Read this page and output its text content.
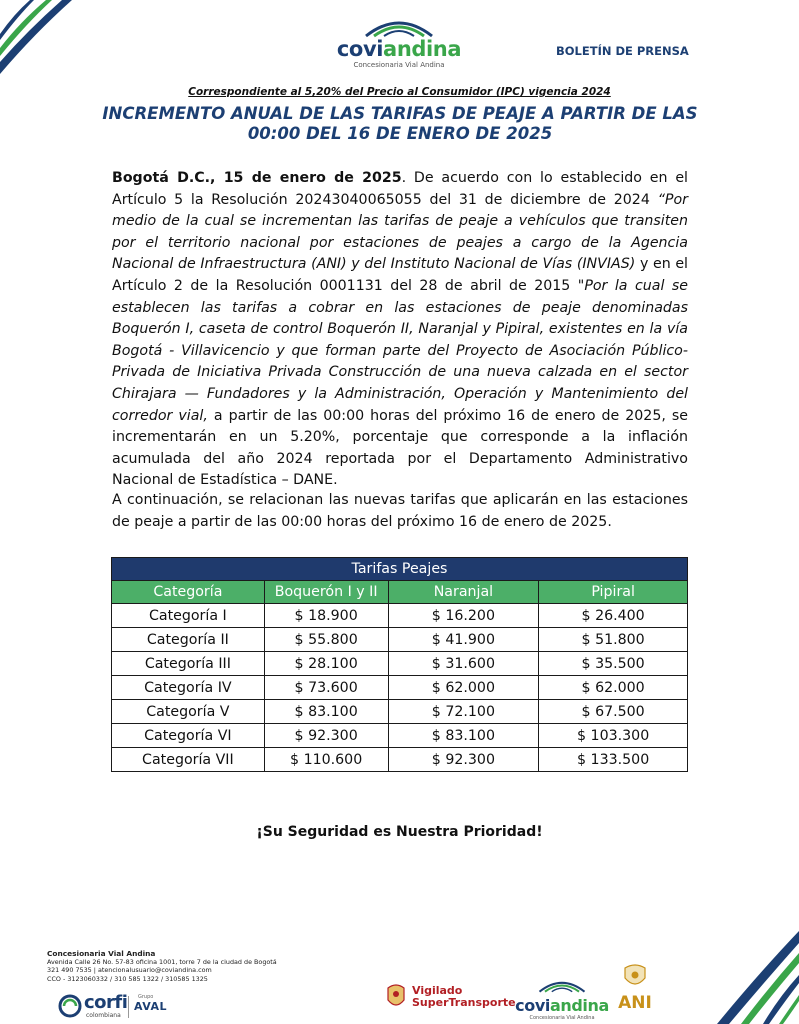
coviandina
Concesionaria Vial Andina
BOLETÍN DE PRENSA
Correspondiente al 5,20% del Precio al Consumidor (IPC) vigencia 2024
INCREMENTO ANUAL DE LAS TARIFAS DE PEAJE A PARTIR DE LAS
00:00 DEL 16 DE ENERO DE 2025
Bogotá D.C., 15 de enero de 2025. De acuerdo con lo establecido en el Artículo 5 la Resolución 20243040065055 del 31 de diciembre de 2024 “Por medio de la cual se incrementan las tarifas de peaje a vehículos que transiten por el territorio nacional por estaciones de peajes a cargo de la Agencia Nacional de Infraestructura (ANI) y del Instituto Nacional de Vías (INVIAS) y en el Artículo 2 de la Resolución 0001131 del 28 de abril de 2015 "Por la cual se establecen las tarifas a cobrar en las estaciones de peaje denominadas Boquerón I, caseta de control Boquerón II, Naranjal y Pipiral, existentes en la vía Bogotá - Villavicencio y que forman parte del Proyecto de Asociación Público-Privada de Iniciativa Privada Construcción de una nueva calzada en el sector Chirajara — Fundadores y la Administración, Operación y Mantenimiento del corredor vial, a partir de las 00:00 horas del próximo 16 de enero de 2025, se incrementarán en un 5.20%, porcentaje que corresponde a la inflación acumulada del año 2024 reportada por el Departamento Administrativo Nacional de Estadística – DANE.
A continuación, se relacionan las nuevas tarifas que aplicarán en las estaciones de peaje a partir de las 00:00 horas del próximo 16 de enero de 2025.
Tarifas Peajes			
Categoría	Boquerón I y II	Naranjal	Pipiral
Categoría I	$ 18.900	$ 16.200	$ 26.400
Categoría II	$ 55.800	$ 41.900	$ 51.800
Categoría III	$ 28.100	$ 31.600	$ 35.500
Categoría IV	$ 73.600	$ 62.000	$ 62.000
Categoría V	$ 83.100	$ 72.100	$ 67.500
Categoría VI	$ 92.300	$ 83.100	$ 103.300
Categoría VII	$ 110.600	$ 92.300	$ 133.500
¡Su Seguridad es Nuestra Prioridad!
Concesionaria Vial Andina
Avenida Calle 26 No. 57-83 oficina 1001, torre 7 de la ciudad de Bogotá
321 490 7535 | atencionalusuario@coviandina.com
CCO - 3123060332 / 310 585 1322 / 310585 1325
corfi
colombiana
Grupo
AVAL
Vigilado
SuperTransporte coviandina
Concesionaria Vial Andina
ANI
